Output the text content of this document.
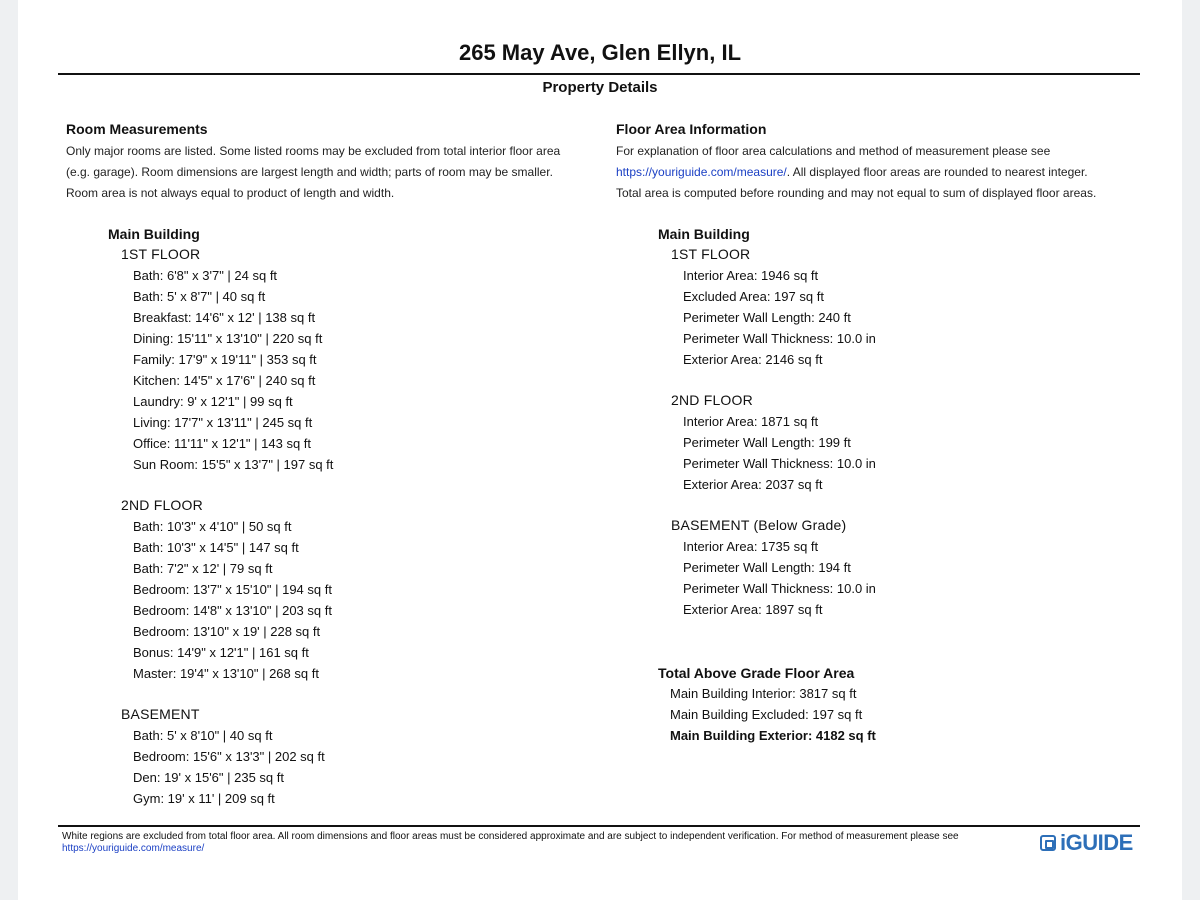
265 May Ave, Glen Ellyn, IL
Property Details
Room Measurements
Only major rooms are listed. Some listed rooms may be excluded from total interior floor area
(e.g. garage). Room dimensions are largest length and width; parts of room may be smaller.
Room area is not always equal to product of length and width.
Main Building
1ST FLOOR
Bath: 6'8" x 3'7" | 24 sq ft
Bath: 5' x 8'7" | 40 sq ft
Breakfast: 14'6" x 12' | 138 sq ft
Dining: 15'11" x 13'10" | 220 sq ft
Family: 17'9" x 19'11" | 353 sq ft
Kitchen: 14'5" x 17'6" | 240 sq ft
Laundry: 9' x 12'1" | 99 sq ft
Living: 17'7" x 13'11" | 245 sq ft
Office: 11'11" x 12'1" | 143 sq ft
Sun Room: 15'5" x 13'7" | 197 sq ft
2ND FLOOR
Bath: 10'3" x 4'10" | 50 sq ft
Bath: 10'3" x 14'5" | 147 sq ft
Bath: 7'2" x 12' | 79 sq ft
Bedroom: 13'7" x 15'10" | 194 sq ft
Bedroom: 14'8" x 13'10" | 203 sq ft
Bedroom: 13'10" x 19' | 228 sq ft
Bonus: 14'9" x 12'1" | 161 sq ft
Master: 19'4" x 13'10" | 268 sq ft
BASEMENT
Bath: 5' x 8'10" | 40 sq ft
Bedroom: 15'6" x 13'3" | 202 sq ft
Den: 19' x 15'6" | 235 sq ft
Gym: 19' x 11' | 209 sq ft
Floor Area Information
For explanation of floor area calculations and method of measurement please see
https://youriguide.com/measure/. All displayed floor areas are rounded to nearest integer.
Total area is computed before rounding and may not equal to sum of displayed floor areas.
Main Building
1ST FLOOR
Interior Area: 1946 sq ft
Excluded Area: 197 sq ft
Perimeter Wall Length: 240 ft
Perimeter Wall Thickness: 10.0 in
Exterior Area: 2146 sq ft
2ND FLOOR
Interior Area: 1871 sq ft
Perimeter Wall Length: 199 ft
Perimeter Wall Thickness: 10.0 in
Exterior Area: 2037 sq ft
BASEMENT (Below Grade)
Interior Area: 1735 sq ft
Perimeter Wall Length: 194 ft
Perimeter Wall Thickness: 10.0 in
Exterior Area: 1897 sq ft
Total Above Grade Floor Area
Main Building Interior: 3817 sq ft
Main Building Excluded: 197 sq ft
Main Building Exterior: 4182 sq ft
White regions are excluded from total floor area. All room dimensions and floor areas must be considered approximate and are subject to independent verification. For method of measurement please see https://youriguide.com/measure/	iGUIDE
